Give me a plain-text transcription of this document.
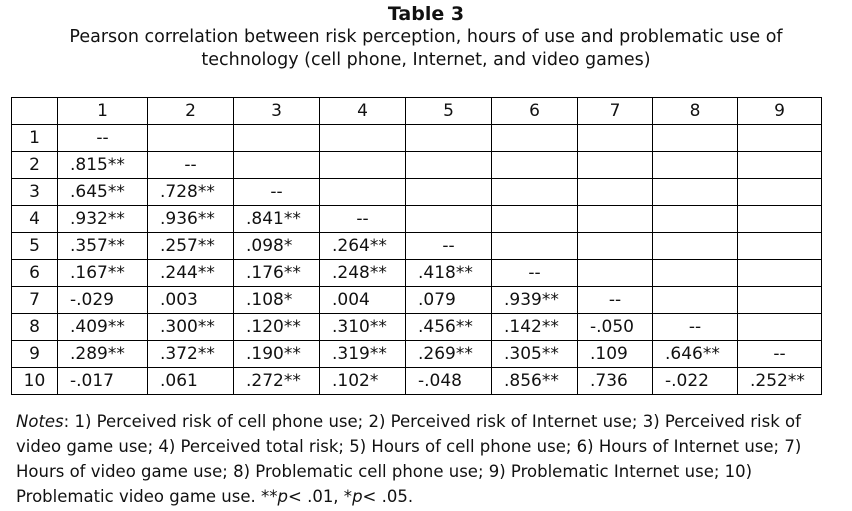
Table 3
Pearson correlation between risk perception, hours of use and problematic use of
technology (cell phone, Internet, and video games)
	1	2	3	4	5	6	7	8	9
1	--								
2	.815**	--							
3	.645**	.728**	--						
4	.932**	.936**	.841**	--					
5	.357**	.257**	.098*	.264**	--				
6	.167**	.244**	.176**	.248**	.418**	--			
7	-.029	.003	.108*	.004	.079	.939**	--		
8	.409**	.300**	.120**	.310**	.456**	.142**	-.050	--	
9	.289**	.372**	.190**	.319**	.269**	.305**	.109	.646**	--
10	-.017	.061	.272**	.102*	-.048	.856**	.736	-.022	.252**
Notes: 1) Perceived risk of cell phone use; 2) Perceived risk of Internet use; 3) Perceived risk of video game use; 4) Perceived total risk; 5) Hours of cell phone use; 6) Hours of Internet use; 7) Hours of video game use; 8) Problematic cell phone use; 9) Problematic Internet use; 10) Problematic video game use. **p< .01, *p< .05.
